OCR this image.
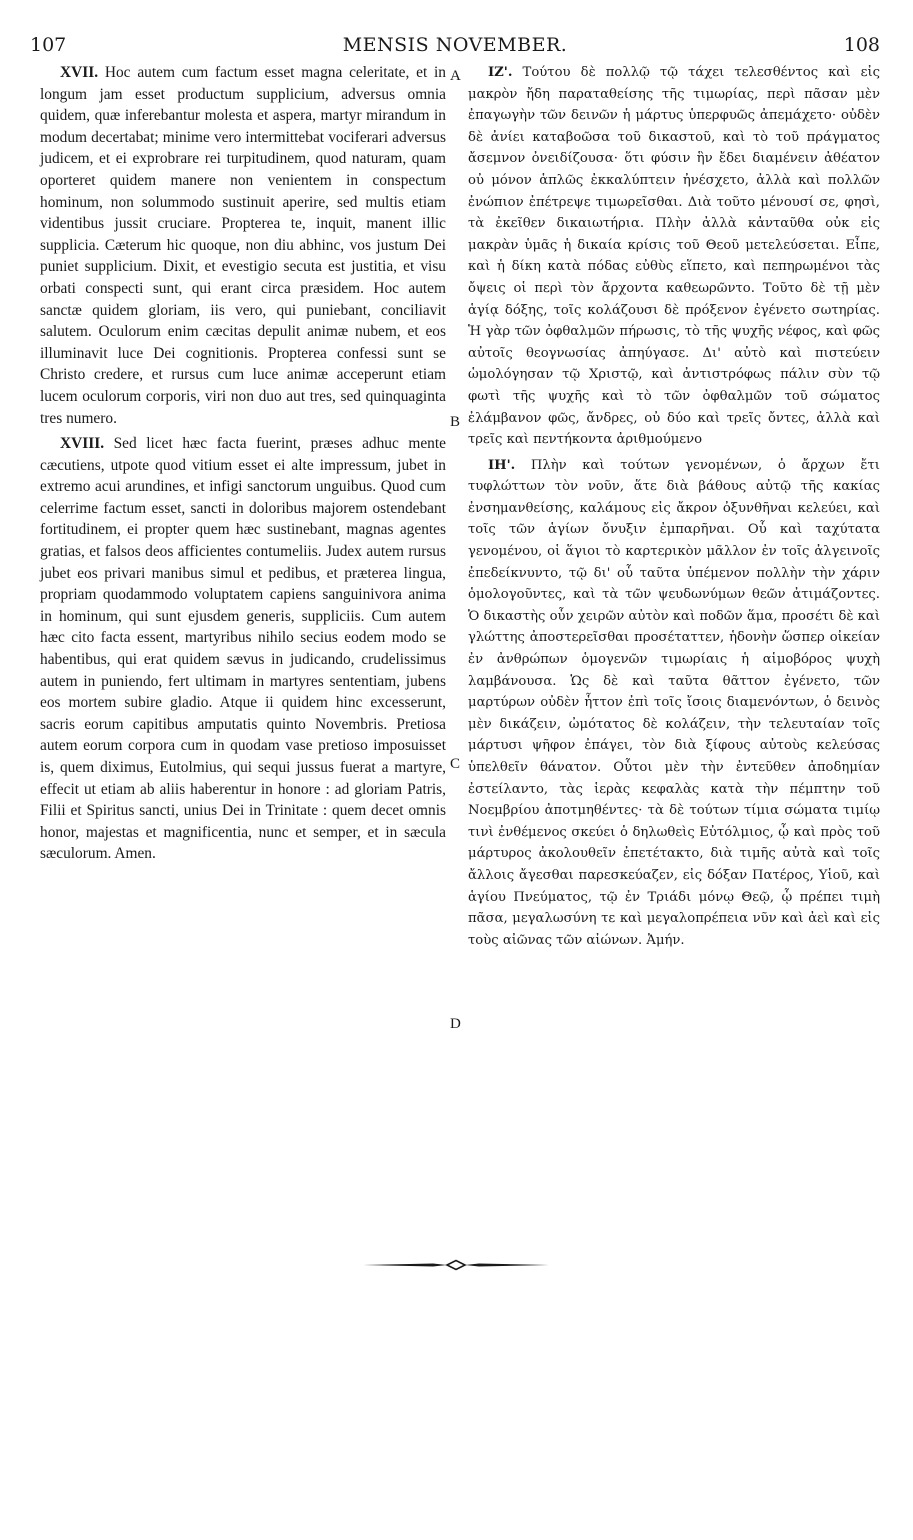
107	MENSIS NOVEMBER.	108

XVII. Hoc autem cum factum esset magna celeritate, et in longum jam esset productum supplicium, adversus omnia quidem, quæ inferebantur molesta et aspera, martyr mirandum in modum decertabat; minime vero intermittebat vociferari adversus judicem, et ei exprobrare rei turpitudinem, quod naturam, quam oporteret quidem manere non venientem in conspectum hominum, non solummodo sustinuit aperire, sed multis etiam videntibus jussit cruciare. Propterea te, inquit, manent illic supplicia. Cæterum hic quoque, non diu abhinc, vos justum Dei puniet supplicium. Dixit, et evestigio secuta est justitia, et visu orbati conspecti sunt, qui erant circa præsidem. Hoc autem sanctæ quidem gloriam, iis vero, qui puniebant, conciliavit salutem. Oculorum enim cæcitas depulit animæ nubem, et eos illuminavit luce Dei cognitionis. Propterea confessi sunt se Christo credere, et rursus cum luce animæ acceperunt etiam lucem oculorum corporis, viri non duo aut tres, sed quinquaginta tres numero.

XVIII. Sed licet hæc facta fuerint, præses adhuc mente cæcutiens, utpote quod vitium esset ei alte impressum, jubet in extremo acui arundines, et infigi sanctorum unguibus. Quod cum celerrime factum esset, sancti in doloribus majorem ostendebant fortitudinem, ei propter quem hæc sustinebant, magnas agentes gratias, et falsos deos afficientes contumeliis. Judex autem rursus jubet eos privari manibus simul et pedibus, et præterea lingua, propriam quodammodo voluptatem capiens sanguinivora anima in hominum, qui sunt ejusdem generis, suppliciis. Cum autem hæc cito facta essent, martyribus nihilo secius eodem modo se habentibus, qui erat quidem sævus in judicando, crudelissimus autem in puniendo, fert ultimam in martyres sententiam, jubens eos mortem subire gladio. Atque ii quidem hinc excesserunt, sacris eorum capitibus amputatis quinto Novembris. Pretiosa autem eorum corpora cum in quodam vase pretioso imposuisset is, quem diximus, Eutolmius, qui sequi jussus fuerat a martyre, effecit ut etiam ab aliis haberentur in honore : ad gloriam Patris, Filii et Spiritus sancti, unius Dei in Trinitate : quem decet omnis honor, majestas et magnificentia, nunc et semper, et in sæcula sæculorum. Amen.

A
B
C
D

ΙΖ'. Τούτου δὲ πολλῷ τῷ τάχει τελεσθέντος καὶ εἰς μακρὸν ἤδη παραταθείσης τῆς τιμωρίας, περὶ πᾶσαν μὲν ἐπαγωγὴν τῶν δεινῶν ἡ μάρτυς ὑπερφυῶς ἀπεμάχετο· οὐδὲν δὲ ἀνίει καταβοῶσα τοῦ δικαστοῦ, καὶ τὸ τοῦ πράγματος ἄσεμνον ὀνειδίζουσα· ὅτι φύσιν ἣν ἔδει διαμένειν ἀθέατον οὐ μόνον ἁπλῶς ἐκκαλύπτειν ἠνέσχετο, ἀλλὰ καὶ πολλῶν ἐνώπιον ἐπέτρεψε τιμωρεῖσθαι. Διὰ τοῦτο μένουσί σε, φησὶ, τὰ ἐκεῖθεν δικαιωτήρια. Πλὴν ἀλλὰ κἀνταῦθα οὐκ εἰς μακρὰν ὑμᾶς ἡ δικαία κρίσις τοῦ Θεοῦ μετελεύσεται. Εἶπε, καὶ ἡ δίκη κατὰ πόδας εὐθὺς εἵπετο, καὶ πεπηρωμένοι τὰς ὄψεις οἱ περὶ τὸν ἄρχοντα καθεωρῶντο. Τοῦτο δὲ τῇ μὲν ἁγίᾳ δόξης, τοῖς κολάζουσι δὲ πρόξενον ἐγένετο σωτηρίας. Ἡ γὰρ τῶν ὀφθαλμῶν πήρωσις, τὸ τῆς ψυχῆς νέφος, καὶ φῶς αὐτοῖς θεογνωσίας ἀπηύγασε. Δι' αὐτὸ καὶ πιστεύειν ὡμολόγησαν τῷ Χριστῷ, καὶ ἀντιστρόφως πάλιν σὺν τῷ φωτὶ τῆς ψυχῆς καὶ τὸ τῶν ὀφθαλμῶν τοῦ σώματος ἐλάμβανον φῶς, ἄνδρες, οὐ δύο καὶ τρεῖς ὄντες, ἀλλὰ καὶ τρεῖς καὶ πεντήκοντα ἀριθμούμενο

ΙΗ'. Πλὴν καὶ τούτων γενομένων, ὁ ἄρχων ἔτι τυφλώττων τὸν νοῦν, ἅτε διὰ βάθους αὐτῷ τῆς κακίας ἐνσημανθείσης, καλάμους εἰς ἄκρον ὀξυνθῆναι κελεύει, καὶ τοῖς τῶν ἁγίων ὄνυξιν ἐμπαρῆναι. Οὗ καὶ ταχύτατα γενομένου, οἱ ἅγιοι τὸ καρτερικὸν μᾶλλον ἐν τοῖς ἀλγεινοῖς ἐπεδείκνυντο, τῷ δι' οὗ ταῦτα ὑπέμενον πολλὴν τὴν χάριν ὁμολογοῦντες, καὶ τὰ τῶν ψευδωνύμων θεῶν ἀτιμάζοντες. Ὁ δικαστὴς οὖν χειρῶν αὐτὸν καὶ ποδῶν ἅμα, προσέτι δὲ καὶ γλώττης ἀποστερεῖσθαι προσέταττεν, ἡδονὴν ὥσπερ οἰκείαν ἐν ἀνθρώπων ὁμογενῶν τιμωρίαις ἡ αἱμοβόρος ψυχὴ λαμβάνουσα. Ὡς δὲ καὶ ταῦτα θᾶττον ἐγένετο, τῶν μαρτύρων οὐδὲν ἧττον ἐπὶ τοῖς ἴσοις διαμενόντων, ὁ δεινὸς μὲν δικάζειν, ὠμότατος δὲ κολάζειν, τὴν τελευταίαν τοῖς μάρτυσι ψῆφον ἐπάγει, τὸν διὰ ξίφους αὐτοὺς κελεύσας ὑπελθεῖν θάνατον. Οὗτοι μὲν τὴν ἐντεῦθεν ἀποδημίαν ἐστείλαντο, τὰς ἱερὰς κεφαλὰς κατὰ τὴν πέμπτην τοῦ Νοεμβρίου ἀποτμηθέντες· τὰ δὲ τούτων τίμια σώματα τιμίῳ τινὶ ἐνθέμενος σκεύει ὁ δηλωθεὶς Εὐτόλμιος, ᾧ καὶ πρὸς τοῦ μάρτυρος ἀκολουθεῖν ἐπετέτακτο, διὰ τιμῆς αὐτὰ καὶ τοῖς ἄλλοις ἄγεσθαι παρεσκεύαζεν, εἰς δόξαν Πατέρος, Υἱοῦ, καὶ ἁγίου Πνεύματος, τῷ ἐν Τριάδι μόνῳ Θεῷ, ᾧ πρέπει τιμὴ πᾶσα, μεγαλωσύνη τε καὶ μεγαλοπρέπεια νῦν καὶ ἀεὶ καὶ εἰς τοὺς αἰῶνας τῶν αἰώνων. Ἀμήν.
